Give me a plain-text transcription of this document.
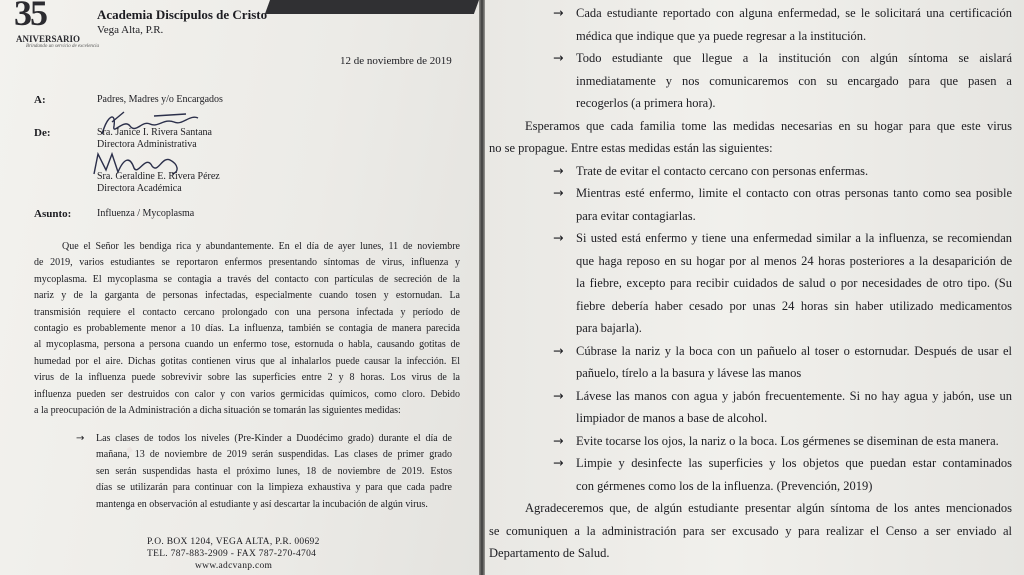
35
ANIVERSARIO
Brindando un servicio de excelencia
Academia Discípulos de Cristo
Vega Alta, P.R.
12 de noviembre de 2019
A:	Padres, Madres y/o Encargados
De:	Sra. Janice I. Rivera Santana
Directora Administrativa
Sra. Geraldine E. Rivera Pérez
Directora Académica
Asunto:	Influenza / Mycoplasma
Que el Señor les bendiga rica y abundantemente. En el día de ayer lunes, 11 de noviembre
de 2019, varios estudiantes se reportaron enfermos presentando síntomas de virus, influenza y
mycoplasma. El mycoplasma se contagia a través del contacto con partículas de secreción de la
nariz y de la garganta de personas infectadas, especialmente cuando tosen y estornudan. La
transmisión requiere el contacto cercano prolongado con una persona infectada y período de
contagio es probablemente menor a 10 días. La influenza, también se contagia de manera parecida
al mycoplasma, persona a persona cuando un enfermo tose, estornuda o habla, causando gotitas de
humedad por el aire. Dichas gotitas contienen virus que al inhalarlos puede causar la infección. El
virus de la influenza puede sobrevivir sobre las superficies entre 2 y 8 horas. Los virus de la
influenza pueden ser destruidos con calor y con varios germicidas químicos, como cloro. Debido
a la preocupación de la Administración a dicha situación se tomarán las siguientes medidas:
→ Las clases de todos los niveles (Pre-Kinder a Duodécimo grado) durante el día de
mañana, 13 de noviembre de 2019 serán suspendidas. Las clases de primer grado
sen serán suspendidas hasta el próximo lunes, 18 de noviembre de 2019. Estos
días se utilizarán para continuar con la limpieza exhaustiva y para que cada padre
mantenga en observación al estudiante y así descartar la incubación de algún virus.
P.O. BOX 1204, VEGA ALTA, P.R. 00692
TEL. 787-883-2909 - FAX 787-270-4704
www.adcvanp.com
·
→ Cada estudiante reportado con alguna enfermedad, se le solicitará una certificación
médica que indique que ya puede regresar a la institución.
→ Todo estudiante que llegue a la institución con algún síntoma se aislará
inmediatamente y nos comunicaremos con su encargado para que pasen a
recogerlos (a primera hora).
Esperamos que cada familia tome las medidas necesarias en su hogar para que este virus
no se propague. Entre estas medidas están las siguientes:
→ Trate de evitar el contacto cercano con personas enfermas.
→ Mientras esté enfermo, limite el contacto con otras personas tanto como sea posible
para evitar contagiarlas.
→ Si usted está enfermo y tiene una enfermedad similar a la influenza, se recomiendan
que haga reposo en su hogar por al menos 24 horas posteriores a la desaparición de
la fiebre, excepto para recibir cuidados de salud o por necesidades de otro tipo. (Su
fiebre debería haber cesado por unas 24 horas sin haber utilizado medicamentos
para bajarla).
→ Cúbrase la nariz y la boca con un pañuelo al toser o estornudar. Después de usar el
pañuelo, tírelo a la basura y lávese las manos
→ Lávese las manos con agua y jabón frecuentemente. Si no hay agua y jabón, use un
limpiador de manos a base de alcohol.
→ Evite tocarse los ojos, la nariz o la boca. Los gérmenes se diseminan de esta manera.
→ Limpie y desinfecte las superficies y los objetos que puedan estar contaminados
con gérmenes como los de la influenza. (Prevención, 2019)
Agradeceremos que, de algún estudiante presentar algún síntoma de los antes mencionados
se comuniquen a la administración para ser excusado y para realizar el Censo a ser enviado al
Departamento de Salud.
